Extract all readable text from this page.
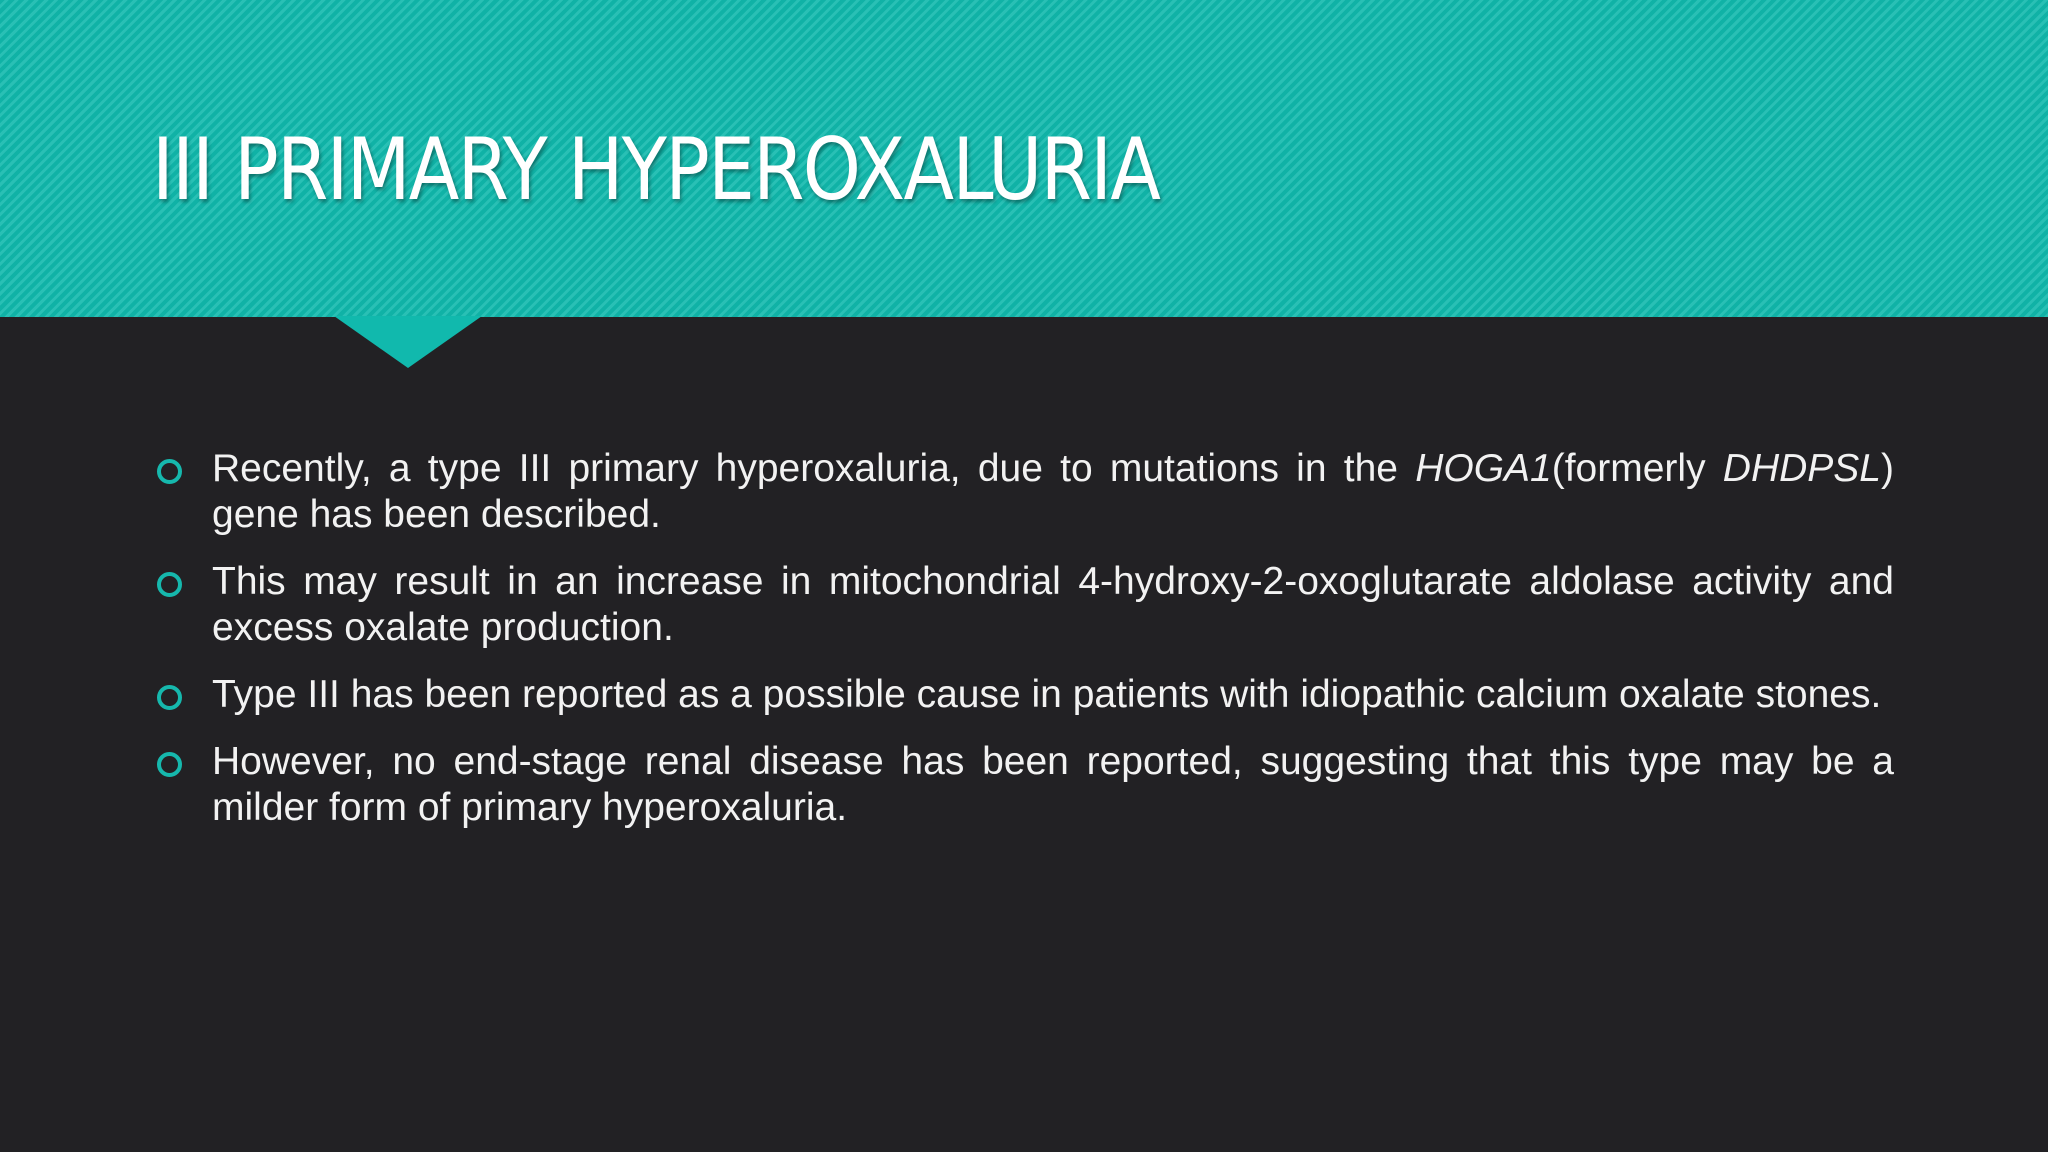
III PRIMARY HYPEROXALURIA
Recently, a type III primary hyperoxaluria, due to mutations in the HOGA1(formerly DHDPSL) gene has been described.
This may result in an increase in mitochondrial 4-hydroxy-2-oxoglutarate aldolase activity and excess oxalate production.
Type III has been reported as a possible cause in patients with idiopathic calcium oxalate stones.
However, no end-stage renal disease has been reported, suggesting that this type may be a milder form of primary hyperoxaluria.
